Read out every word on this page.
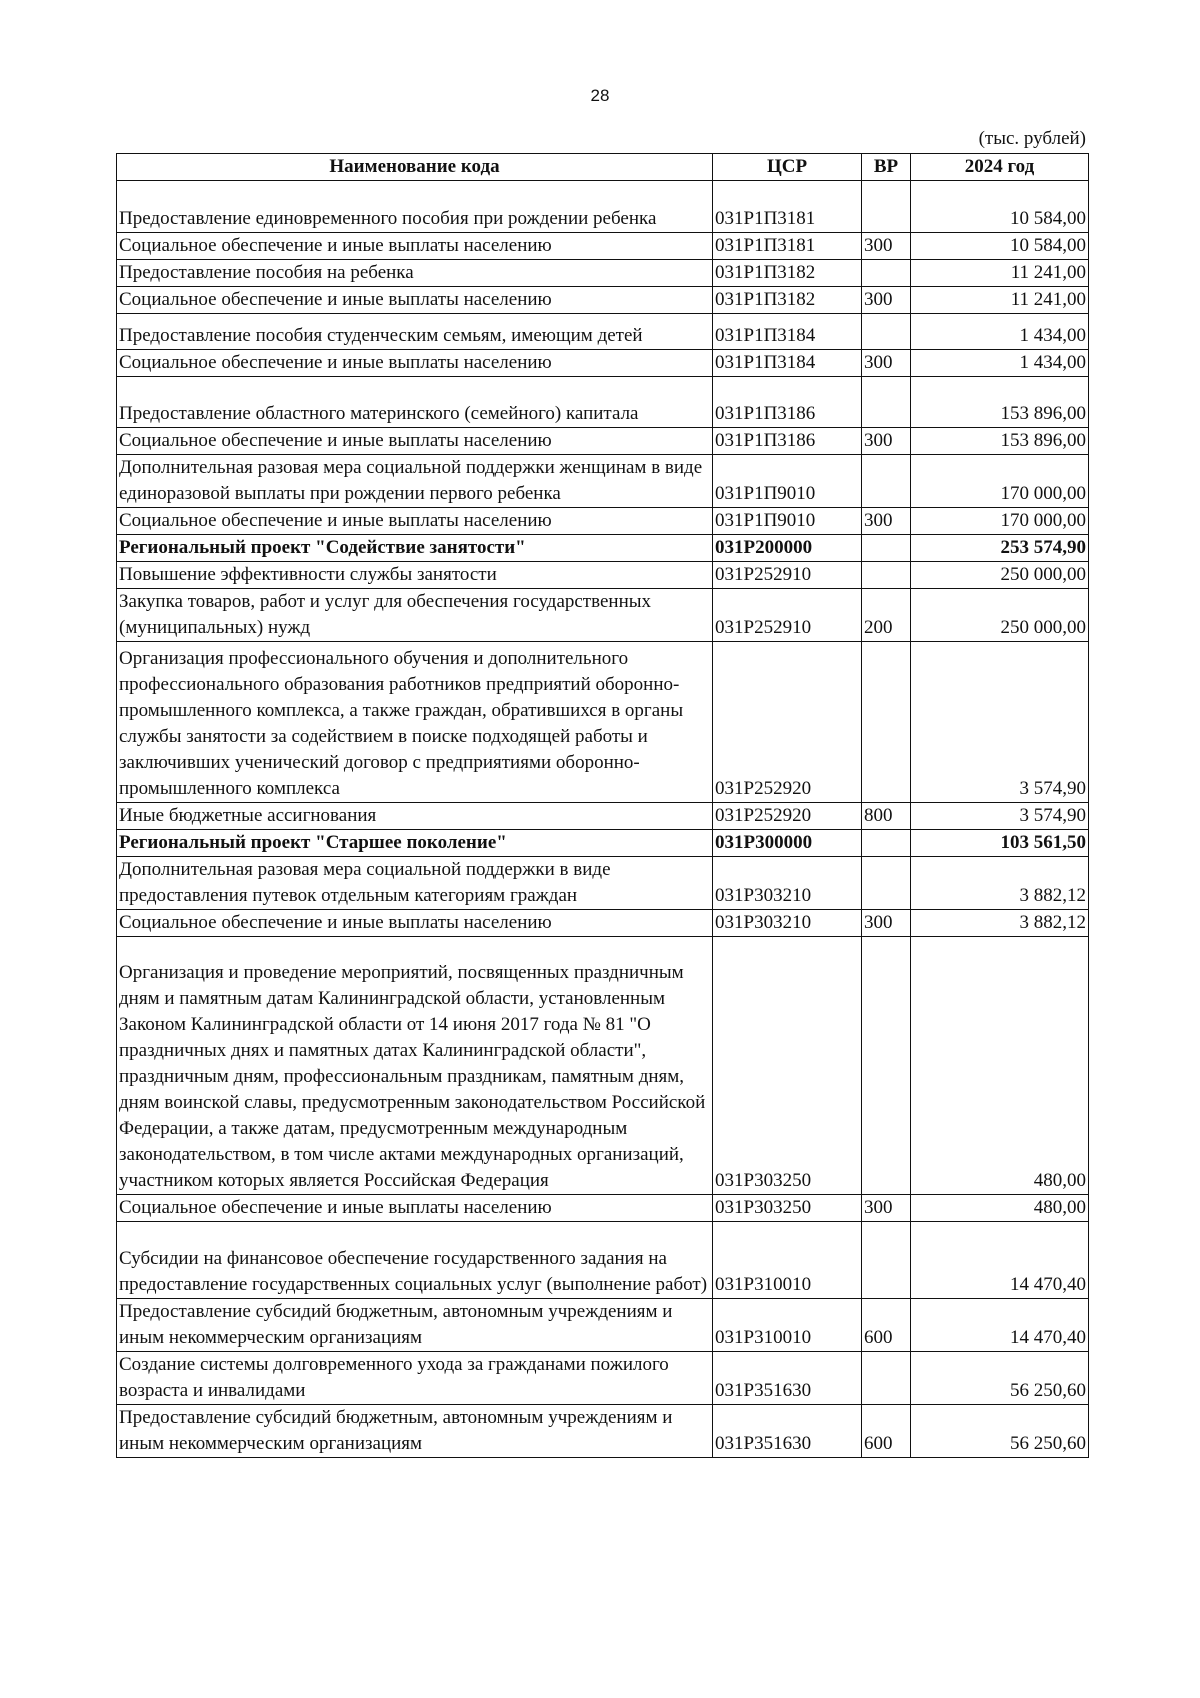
28
(тыс. рублей)
Наименование кода	ЦСР	ВР	2024 год
Предоставление единовременного пособия при рождении ребенка	031Р1П3181		10 584,00
Социальное обеспечение и иные выплаты населению	031Р1П3181	300	10 584,00
Предоставление пособия на ребенка	031Р1П3182		11 241,00
Социальное обеспечение и иные выплаты населению	031Р1П3182	300	11 241,00
Предоставление пособия студенческим семьям, имеющим детей	031Р1П3184		1 434,00
Социальное обеспечение и иные выплаты населению	031Р1П3184	300	1 434,00
Предоставление областного материнского (семейного) капитала	031Р1П3186		153 896,00
Социальное обеспечение и иные выплаты населению	031Р1П3186	300	153 896,00
Дополнительная разовая мера социальной поддержки женщинам в виде единоразовой выплаты при рождении первого ребенка	031Р1П9010		170 000,00
Социальное обеспечение и иные выплаты населению	031Р1П9010	300	170 000,00
Региональный проект "Содействие занятости"	031Р200000		253 574,90
Повышение эффективности службы занятости	031Р252910		250 000,00
Закупка товаров, работ и услуг для обеспечения государственных (муниципальных) нужд	031Р252910	200	250 000,00
Организация профессионального обучения и дополнительного профессионального образования работников предприятий оборонно-промышленного комплекса, а также граждан, обратившихся в органы службы занятости за содействием в поиске подходящей работы и заключивших ученический договор с предприятиями оборонно-промышленного комплекса	031Р252920		3 574,90
Иные бюджетные ассигнования	031Р252920	800	3 574,90
Региональный проект "Старшее поколение"	031Р300000		103 561,50
Дополнительная разовая мера социальной поддержки в виде предоставления путевок отдельным категориям граждан	031Р303210		3 882,12
Социальное обеспечение и иные выплаты населению	031Р303210	300	3 882,12
Организация и проведение мероприятий, посвященных праздничным дням и памятным датам Калининградской области, установленным Законом Калининградской области от 14 июня 2017 года № 81 "О праздничных днях и памятных датах Калининградской области", праздничным дням, профессиональным праздникам, памятным дням, дням воинской славы, предусмотренным законодательством Российской Федерации, а также датам, предусмотренным международным законодательством, в том числе актами международных организаций, участником которых является Российская Федерация	031Р303250		480,00
Социальное обеспечение и иные выплаты населению	031Р303250	300	480,00
Субсидии на финансовое обеспечение государственного задания на предоставление государственных социальных услуг (выполнение работ)	031Р310010		14 470,40
Предоставление субсидий бюджетным, автономным учреждениям и иным некоммерческим организациям	031Р310010	600	14 470,40
Создание системы долговременного ухода за гражданами пожилого возраста и инвалидами	031Р351630		56 250,60
Предоставление субсидий бюджетным, автономным учреждениям и иным некоммерческим организациям	031Р351630	600	56 250,60
